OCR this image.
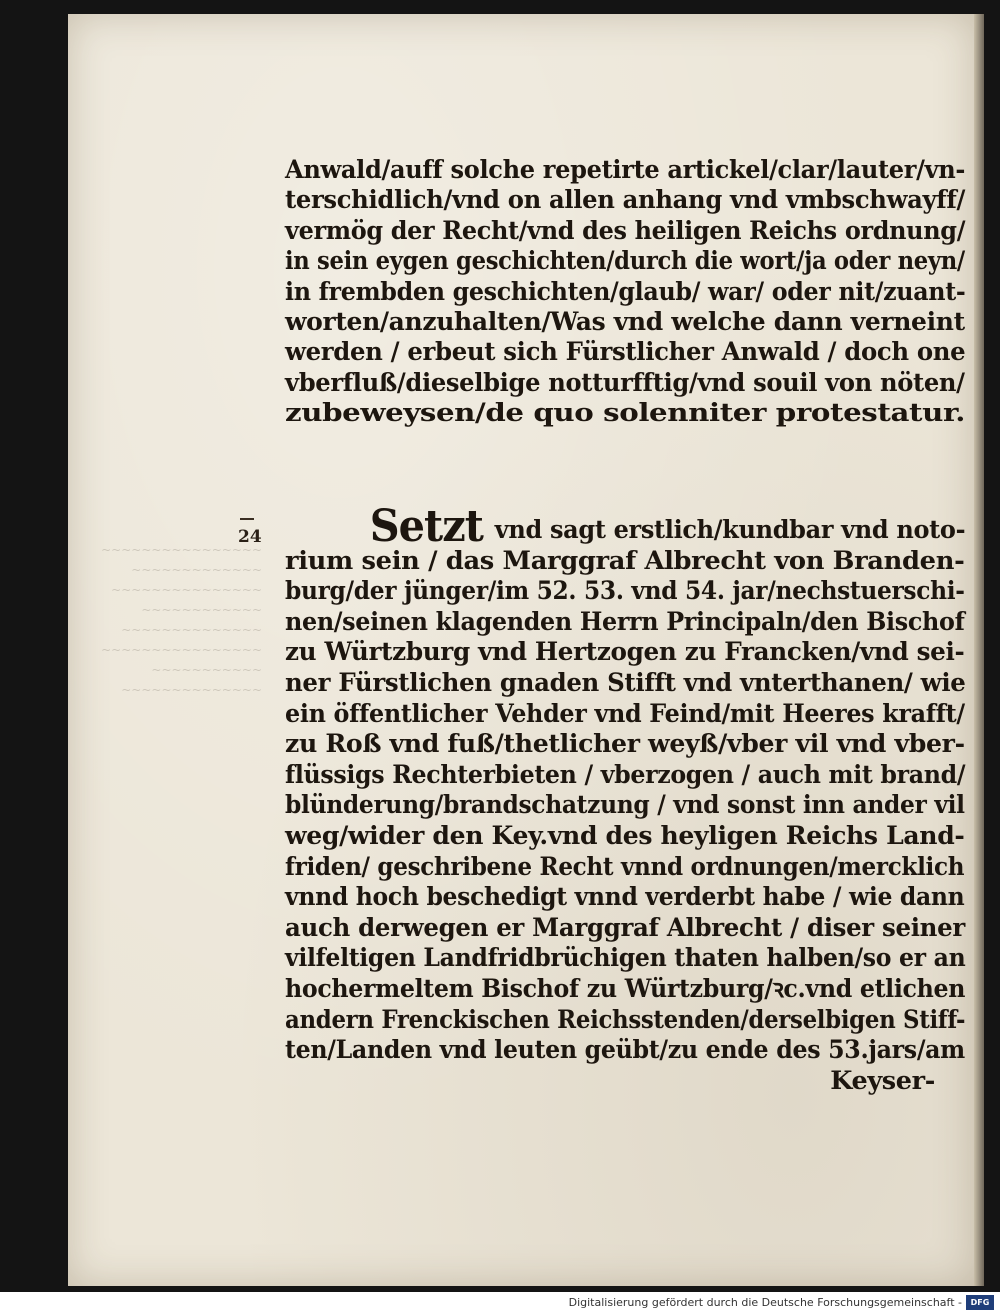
~~~~~~~~~~~~~~~~
~~~~~~~~~~~~~
~~~~~~~~~~~~~~~
~~~~~~~~~~~~
~~~~~~~~~~~~~~
~~~~~~~~~~~~~~~~
~~~~~~~~~~~
~~~~~~~~~~~~~~
Anwald/auff solche repetirte artickel/clar/lauter/vn-
terschidlich/vnd on allen anhang vnd vmbschwayff/
vermög der Recht/vnd des heiligen Reichs ordnung/
in sein eygen geschichten/durch die wort/ja oder neyn/
in frembden geschichten/glaub/ war/ oder nit/zuant-
worten/anzuhalten/Was vnd welche dann verneint
werden / erbeut sich Fürstlicher Anwald / doch one
vberfluß/dieselbige notturfftig/vnd souil von nöten/
zubeweysen/de quo solenniter protestatur.
24	Setzt vnd sagt erstlich/kundbar vnd noto-
rium sein / das Marggraf Albrecht von Branden-
burg/der jünger/im 52. 53. vnd 54. jar/nechstuerschi-
nen/seinen klagenden Herrn Principaln/den Bischof
zu Würtzburg vnd Hertzogen zu Francken/vnd sei-
ner Fürstlichen gnaden Stifft vnd vnterthanen/ wie
ein öffentlicher Vehder vnd Feind/mit Heeres krafft/
zu Roß vnd fuß/thetlicher weyß/vber vil vnd vber-
flüssigs Rechterbieten / vberzogen / auch mit brand/
blünderung/brandschatzung / vnd sonst inn ander vil
weg/wider den Key.vnd des heyligen Reichs Land-
friden/ geschribene Recht vnnd ordnungen/mercklich
vnnd hoch beschedigt vnnd verderbt habe / wie dann
auch derwegen er Marggraf Albrecht / diser seiner
vilfeltigen Landfridbrüchigen thaten halben/so er an
hochermeltem Bischof zu Würtzburg/ꝛc.vnd etlichen
andern Frenckischen Reichsstenden/derselbigen Stiff-
ten/Landen vnd leuten geübt/zu ende des 53.jars/am
Keyser-
Digitalisierung gefördert durch die Deutsche Forschungsgemeinschaft -	DFG
